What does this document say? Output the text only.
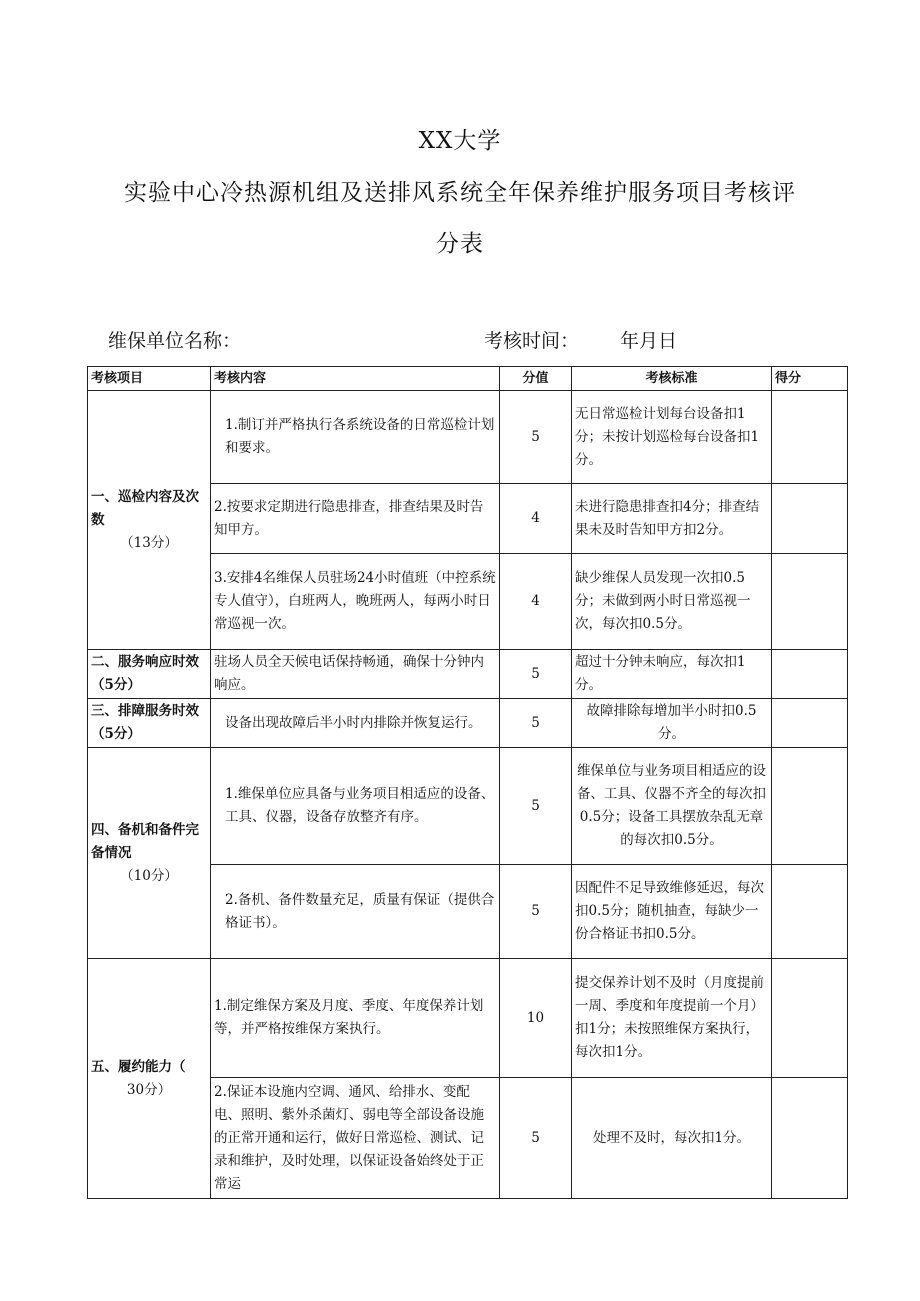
XX大学
实验中心冷热源机组及送排风系统全年保养维护服务项目考核评
分表
维保单位名称：	考核时间： 年月日
考核项目	考核内容	分值	考核标准	得分
一、巡检内容及次数
（13分）	1.制订并严格执行各系统设备的日常巡检计划和要求。	5	无日常巡检计划每台设备扣1分；未按计划巡检每台设备扣1分。	
	2.按要求定期进行隐患排查，排查结果及时告知甲方。	4	未进行隐患排查扣4分；排查结果未及时告知甲方扣2分。	
	3.安排4名维保人员驻场24小时值班（中控系统专人值守），白班两人，晚班两人，每两小时日常巡视一次。	4	缺少维保人员发现一次扣0.5分；未做到两小时日常巡视一次，每次扣0.5分。	
二、服务响应时效（5分）	驻场人员全天候电话保持畅通，确保十分钟内响应。	5	超过十分钟未响应，每次扣1分。	
三、排障服务时效（5分）	设备出现故障后半小时内排除并恢复运行。	5	故障排除每增加半小时扣0.5分。	
四、备机和备件完备情况
（10分）	1.维保单位应具备与业务项目相适应的设备、工具、仪器，设备存放整齐有序。	5	维保单位与业务项目相适应的设备、工具、仪器不齐全的每次扣0.5分；设备工具摆放杂乱无章的每次扣0.5分。	
	2.备机、备件数量充足，质量有保证（提供合格证书）。	5	因配件不足导致维修延迟，每次扣0.5分；随机抽查，每缺少一份合格证书扣0.5分。	
五、履约能力（
30分）	1.制定维保方案及月度、季度、年度保养计划等，并严格按维保方案执行。	10	提交保养计划不及时（月度提前一周、季度和年度提前一个月）扣1分；未按照维保方案执行，每次扣1分。	
	2.保证本设施内空调、通风、给排水、变配电、照明、紫外杀菌灯、弱电等全部设备设施的正常开通和运行，做好日常巡检、测试、记录和维护，及时处理，以保证设备始终处于正常运	5	处理不及时，每次扣1分。	
